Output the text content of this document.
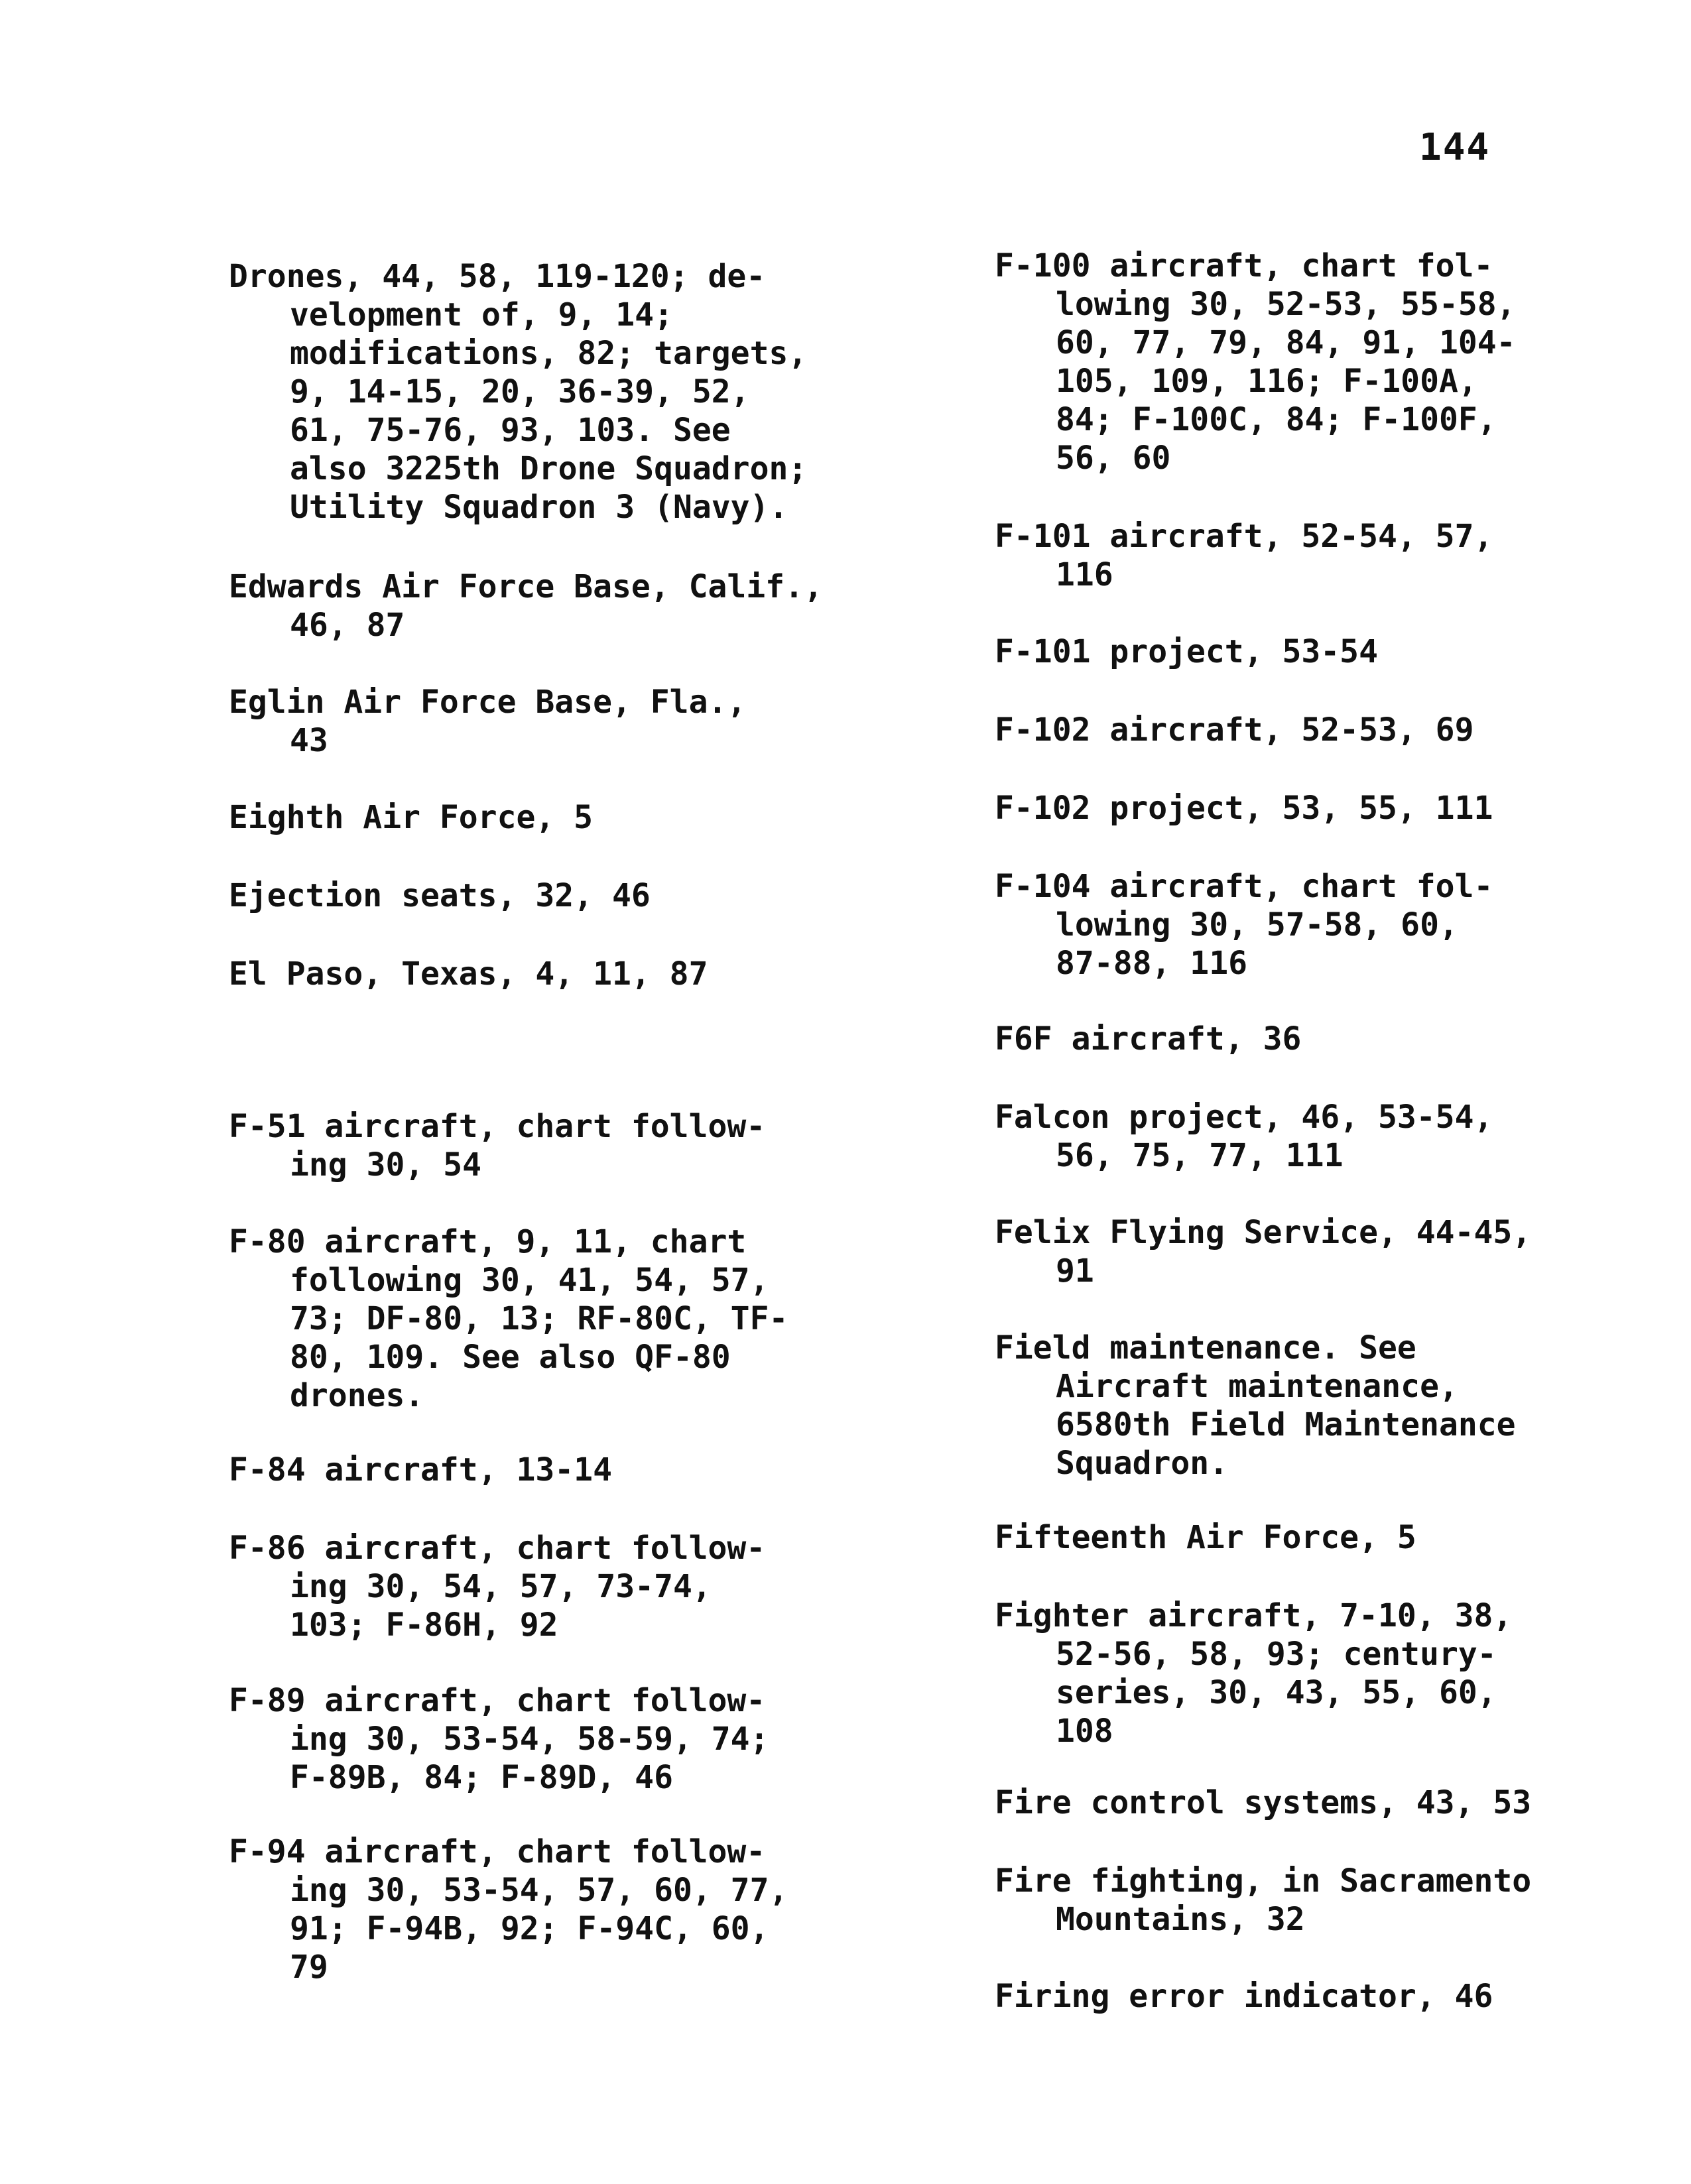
144

Drones, 44, 58, 119-120; de-
velopment of, 9, 14;
modifications, 82; targets,
9, 14-15, 20, 36-39, 52,
61, 75-76, 93, 103. See
also 3225th Drone Squadron;
Utility Squadron 3 (Navy).

Edwards Air Force Base, Calif.,
46, 87

Eglin Air Force Base, Fla.,
43

Eighth Air Force, 5

Ejection seats, 32, 46

El Paso, Texas, 4, 11, 87

F-51 aircraft, chart follow-
ing 30, 54

F-80 aircraft, 9, 11, chart
following 30, 41, 54, 57,
73; DF-80, 13; RF-80C, TF-
80, 109. See also QF-80
drones.

F-84 aircraft, 13-14

F-86 aircraft, chart follow-
ing 30, 54, 57, 73-74,
103; F-86H, 92

F-89 aircraft, chart follow-
ing 30, 53-54, 58-59, 74;
F-89B, 84; F-89D, 46

F-94 aircraft, chart follow-
ing 30, 53-54, 57, 60, 77,
91; F-94B, 92; F-94C, 60,
79

F-100 aircraft, chart fol-
lowing 30, 52-53, 55-58,
60, 77, 79, 84, 91, 104-
105, 109, 116; F-100A,
84; F-100C, 84; F-100F,
56, 60

F-101 aircraft, 52-54, 57,
116

F-101 project, 53-54

F-102 aircraft, 52-53, 69

F-102 project, 53, 55, 111

F-104 aircraft, chart fol-
lowing 30, 57-58, 60,
87-88, 116

F6F aircraft, 36

Falcon project, 46, 53-54,
56, 75, 77, 111

Felix Flying Service, 44-45,
91

Field maintenance. See
Aircraft maintenance,
6580th Field Maintenance
Squadron.

Fifteenth Air Force, 5

Fighter aircraft, 7-10, 38,
52-56, 58, 93; century-
series, 30, 43, 55, 60,
108

Fire control systems, 43, 53

Fire fighting, in Sacramento
Mountains, 32

Firing error indicator, 46
